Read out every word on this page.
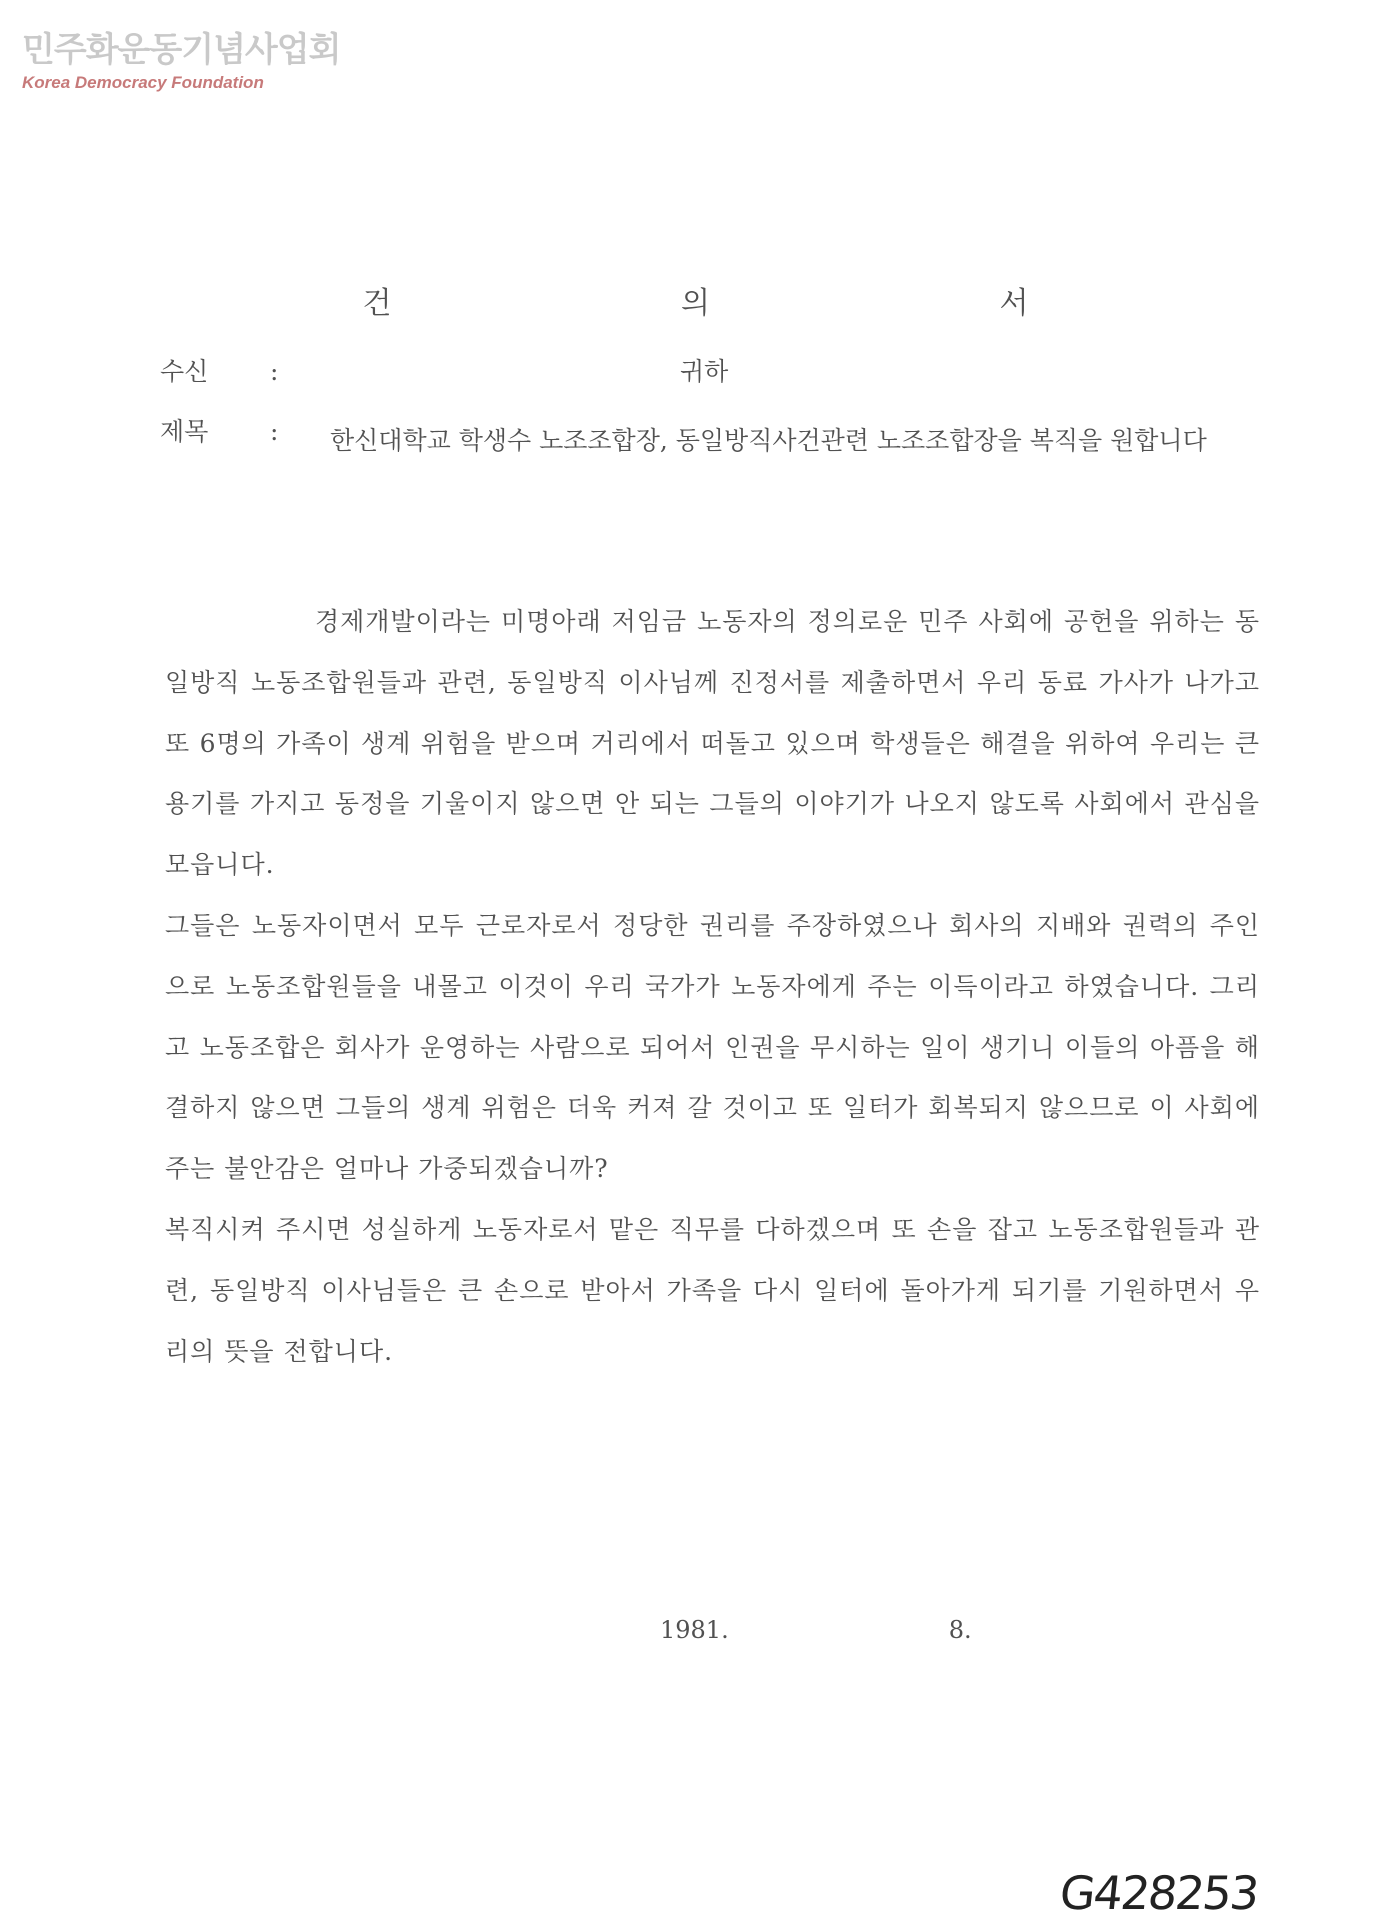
민주화운동기념사업회
Korea Democracy Foundation
건 의 서
수신 :	귀하
제목 : 한신대학교 학생수 노조조합장, 동일방직사건관련 노조조합장을 복직을 원합니다

경제개발이라는 미명아래 저임금 노동자의 정의로운 민주 사회에 공헌을 위하는 동일방직 노동조합원들과 관련, 동일방직 이사님께 진정서를 제출하면서 우리 동료 가사가 나가고 또 6명의 가족이 생계 위험을 받으며 거리에서 떠돌고 있으며 학생들은 해결을 위하여 우리는 큰 용기를 가지고 동정을 기울이지 않으면 안 되는 그들의 이야기가 나오지 않도록 사회에서 관심을 모읍니다.

그들은 노동자이면서 모두 근로자로서 정당한 권리를 주장하였으나 회사의 지배와 권력의 주인으로 노동조합원들을 내몰고 이것이 우리 국가가 노동자에게 주는 이득이라고 하였습니다. 그리고 노동조합은 회사가 운영하는 사람으로 되어서 인권을 무시하는 일이 생기니 이들의 아픔을 해결하지 않으면 그들의 생계 위험은 더욱 커져 갈 것이고 또 일터가 회복되지 않으므로 이 사회에 주는 불안감은 얼마나 가중되겠습니까?

복직시켜 주시면 성실하게 노동자로서 맡은 직무를 다하겠으며 또 손을 잡고 노동조합원들과 관련, 동일방직 이사님들은 큰 손으로 받아서 가족을 다시 일터에 돌아가게 되기를 기원하면서 우리의 뜻을 전합니다.

1981.	8.
G428253
